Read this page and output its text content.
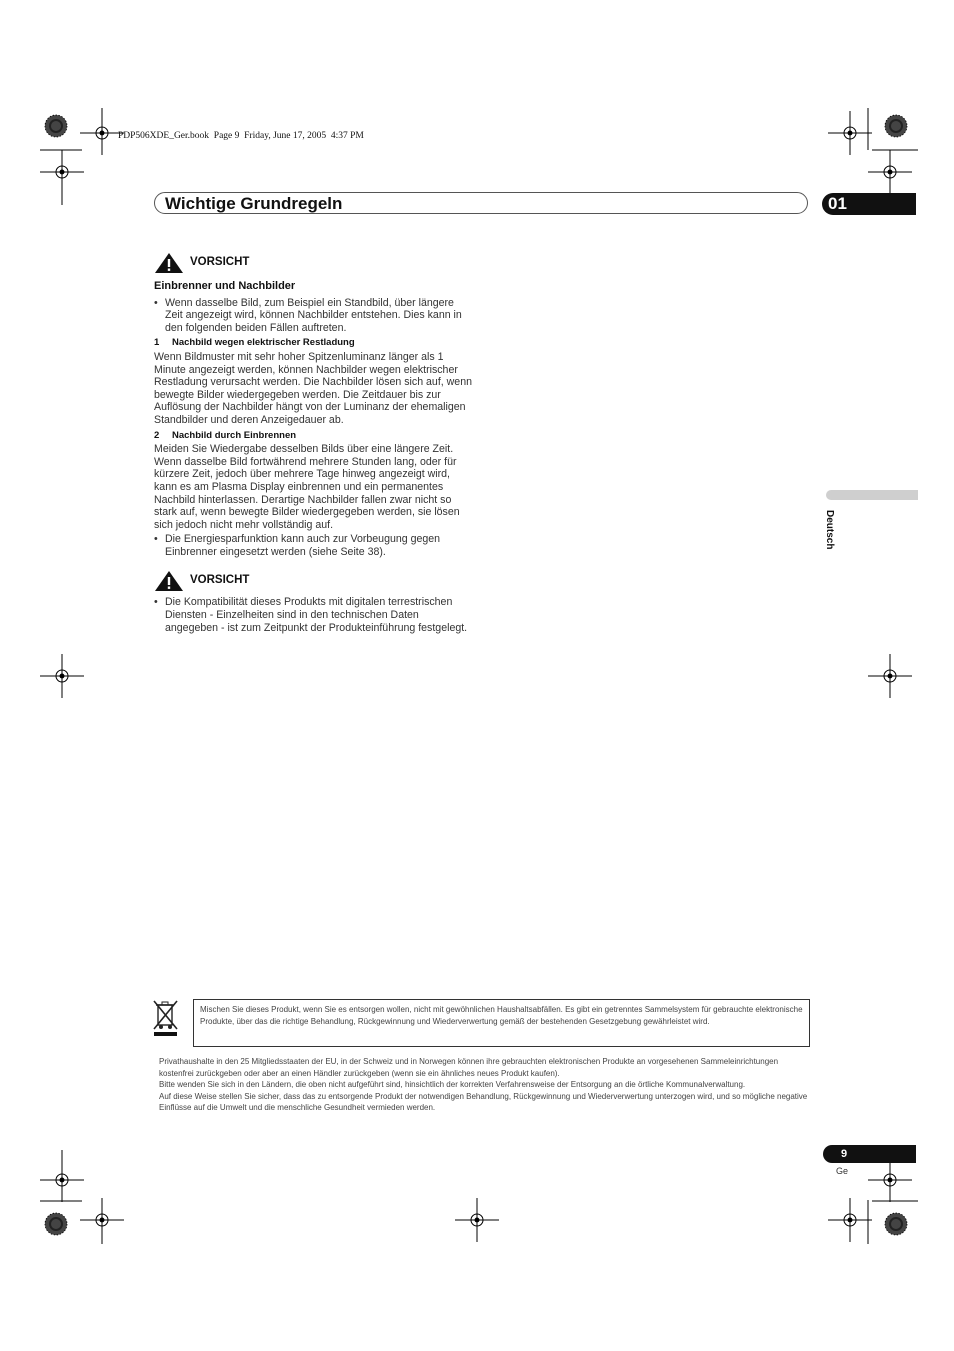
PDP506XDE_Ger.book  Page 9  Friday, June 17, 2005  4:37 PM
Wichtige Grundregeln	01
Deutsch
VORSICHT
Einbrenner und Nachbilder
• Wenn dasselbe Bild, zum Beispiel ein Standbild, über längere Zeit angezeigt wird, können Nachbilder entstehen. Dies kann in den folgenden beiden Fällen auftreten.
1 Nachbild wegen elektrischer Restladung

Wenn Bildmuster mit sehr hoher Spitzenluminanz länger als 1 Minute angezeigt werden, können Nachbilder wegen elektrischer Restladung verursacht werden. Die Nachbilder lösen sich auf, wenn bewegte Bilder wiedergegeben werden. Die Zeitdauer bis zur Auflösung der Nachbilder hängt von der Luminanz der ehemaligen Standbilder und deren Anzeigedauer ab.

2 Nachbild durch Einbrennen

Meiden Sie Wiedergabe desselben Bilds über eine längere Zeit. Wenn dasselbe Bild fortwährend mehrere Stunden lang, oder für kürzere Zeit, jedoch über mehrere Tage hinweg angezeigt wird, kann es am Plasma Display einbrennen und ein permanentes Nachbild hinterlassen. Derartige Nachbilder fallen zwar nicht so stark auf, wenn bewegte Bilder wiedergegeben werden, sie lösen sich jedoch nicht mehr vollständig auf.

• Die Energiesparfunktion kann auch zur Vorbeugung gegen Einbrenner eingesetzt werden (siehe Seite 38).
VORSICHT
• Die Kompatibilität dieses Produkts mit digitalen terrestrischen Diensten - Einzelheiten sind in den technischen Daten angegeben - ist zum Zeitpunkt der Produkteinführung festgelegt.
Mischen Sie dieses Produkt, wenn Sie es entsorgen wollen, nicht mit gewöhnlichen Haushaltsabfällen. Es gibt ein getrenntes Sammelsystem für gebrauchte elektronische Produkte, über das die richtige Behandlung, Rückgewinnung und Wiederverwertung gemäß der bestehenden Gesetzgebung gewährleistet wird.
Privathaushalte in den 25 Mitgliedsstaaten der EU, in der Schweiz und in Norwegen können ihre gebrauchten elektronischen Produkte an vorgesehenen Sammeleinrichtungen kostenfrei zurückgeben oder aber an einen Händler zurückgeben (wenn sie ein ähnliches neues Produkt kaufen).
Bitte wenden Sie sich in den Ländern, die oben nicht aufgeführt sind, hinsichtlich der korrekten Verfahrensweise der Entsorgung an die örtliche Kommunalverwaltung.
Auf diese Weise stellen Sie sicher, dass das zu entsorgende Produkt der notwendigen Behandlung, Rückgewinnung und Wiederverwertung unterzogen wird, und so mögliche negative Einflüsse auf die Umwelt und die menschliche Gesundheit vermieden werden.
9
Ge
